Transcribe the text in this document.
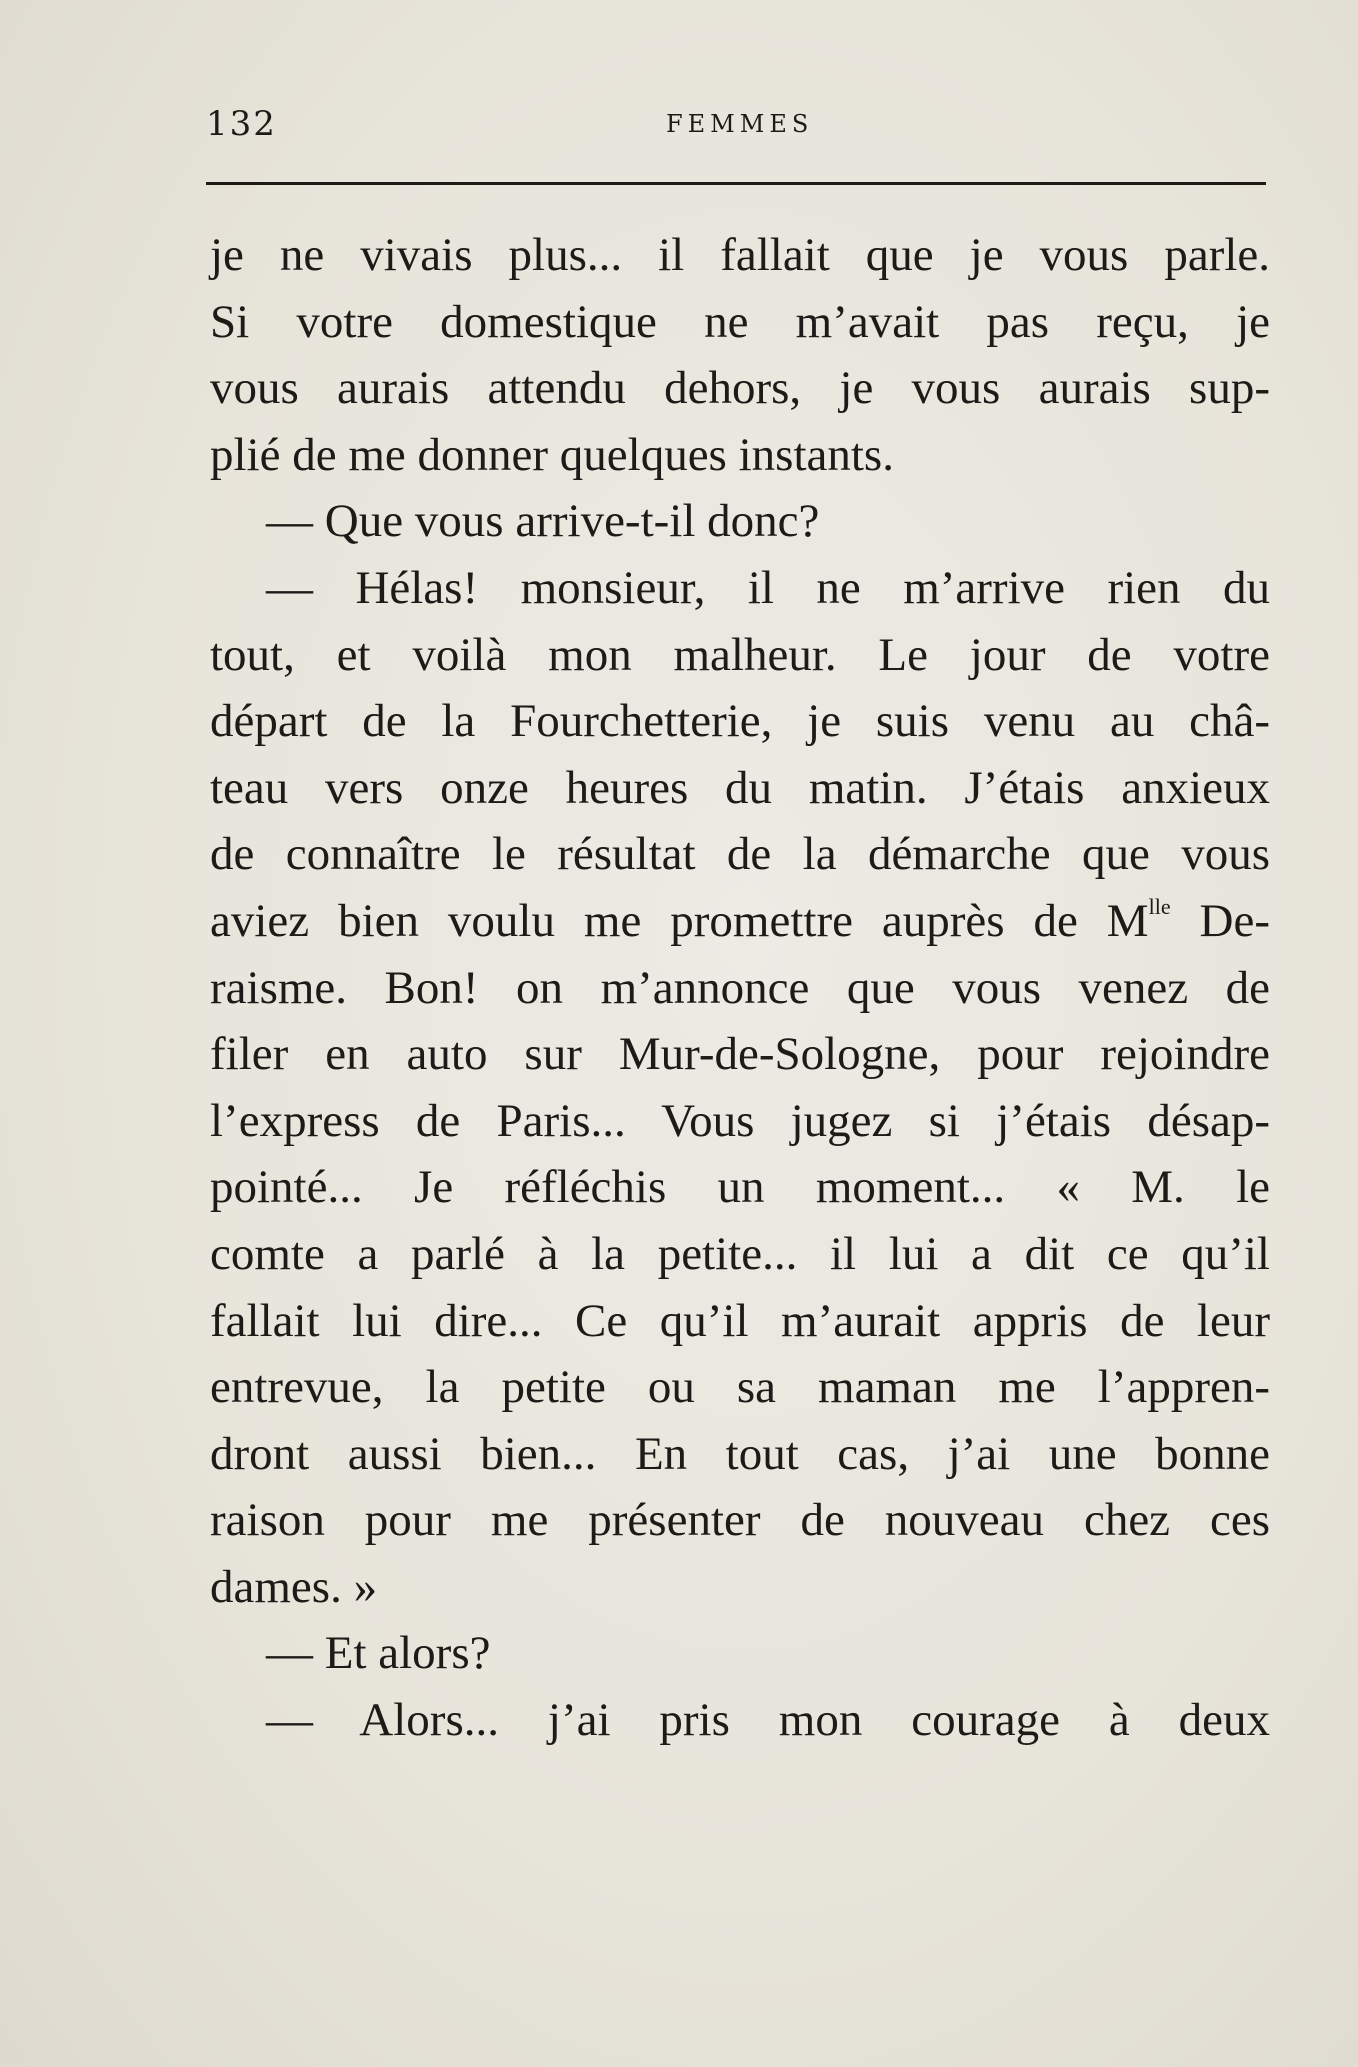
132	FEMMES
je ne vivais plus... il fallait que je vous parle.
Si votre domestique ne m’avait pas reçu, je
vous aurais attendu dehors, je vous aurais sup-
plié de me donner quelques instants.
— Que vous arrive-t-il donc?
— Hélas! monsieur, il ne m’arrive rien du
tout, et voilà mon malheur. Le jour de votre
départ de la Fourchetterie, je suis venu au châ-
teau vers onze heures du matin. J’étais anxieux
de connaître le résultat de la démarche que vous
aviez bien voulu me promettre auprès de $M^{lle}$ De-
raisme. Bon! on m’annonce que vous venez de
filer en auto sur Mur-de-Sologne, pour rejoindre
l’express de Paris... Vous jugez si j’étais désap-
pointé... Je réfléchis un moment... « M. le
comte a parlé à la petite... il lui a dit ce qu’il
fallait lui dire... Ce qu’il m’aurait appris de leur
entrevue, la petite ou sa maman me l’appren-
dront aussi bien... En tout cas, j’ai une bonne
raison pour me présenter de nouveau chez ces
dames. »
— Et alors?
— Alors... j’ai pris mon courage à deux
